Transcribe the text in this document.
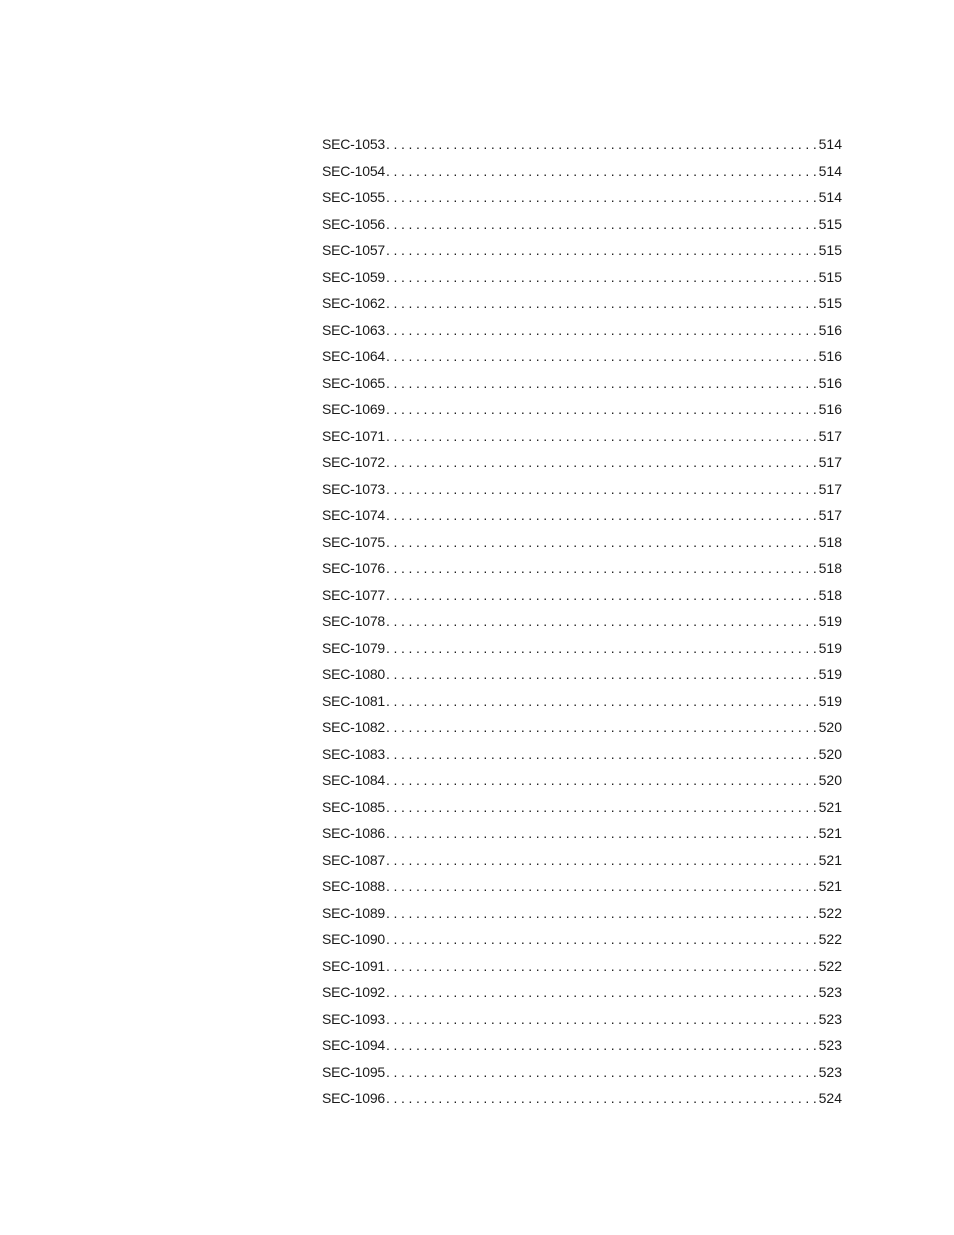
SEC-1053 .....	514
SEC-1054 .....	514
SEC-1055 .....	514
SEC-1056 .....	515
SEC-1057 .....	515
SEC-1059 .....	515
SEC-1062 .....	515
SEC-1063 .....	516
SEC-1064 .....	516
SEC-1065 .....	516
SEC-1069 .....	516
SEC-1071 .....	517
SEC-1072 .....	517
SEC-1073 .....	517
SEC-1074 .....	517
SEC-1075 .....	518
SEC-1076 .....	518
SEC-1077 .....	518
SEC-1078 .....	519
SEC-1079 .....	519
SEC-1080 .....	519
SEC-1081 .....	519
SEC-1082 .....	520
SEC-1083 .....	520
SEC-1084 .....	520
SEC-1085 .....	521
SEC-1086 .....	521
SEC-1087 .....	521
SEC-1088 .....	521
SEC-1089 .....	522
SEC-1090 .....	522
SEC-1091 .....	522
SEC-1092 .....	523
SEC-1093 .....	523
SEC-1094 .....	523
SEC-1095 .....	523
SEC-1096 .....	524
